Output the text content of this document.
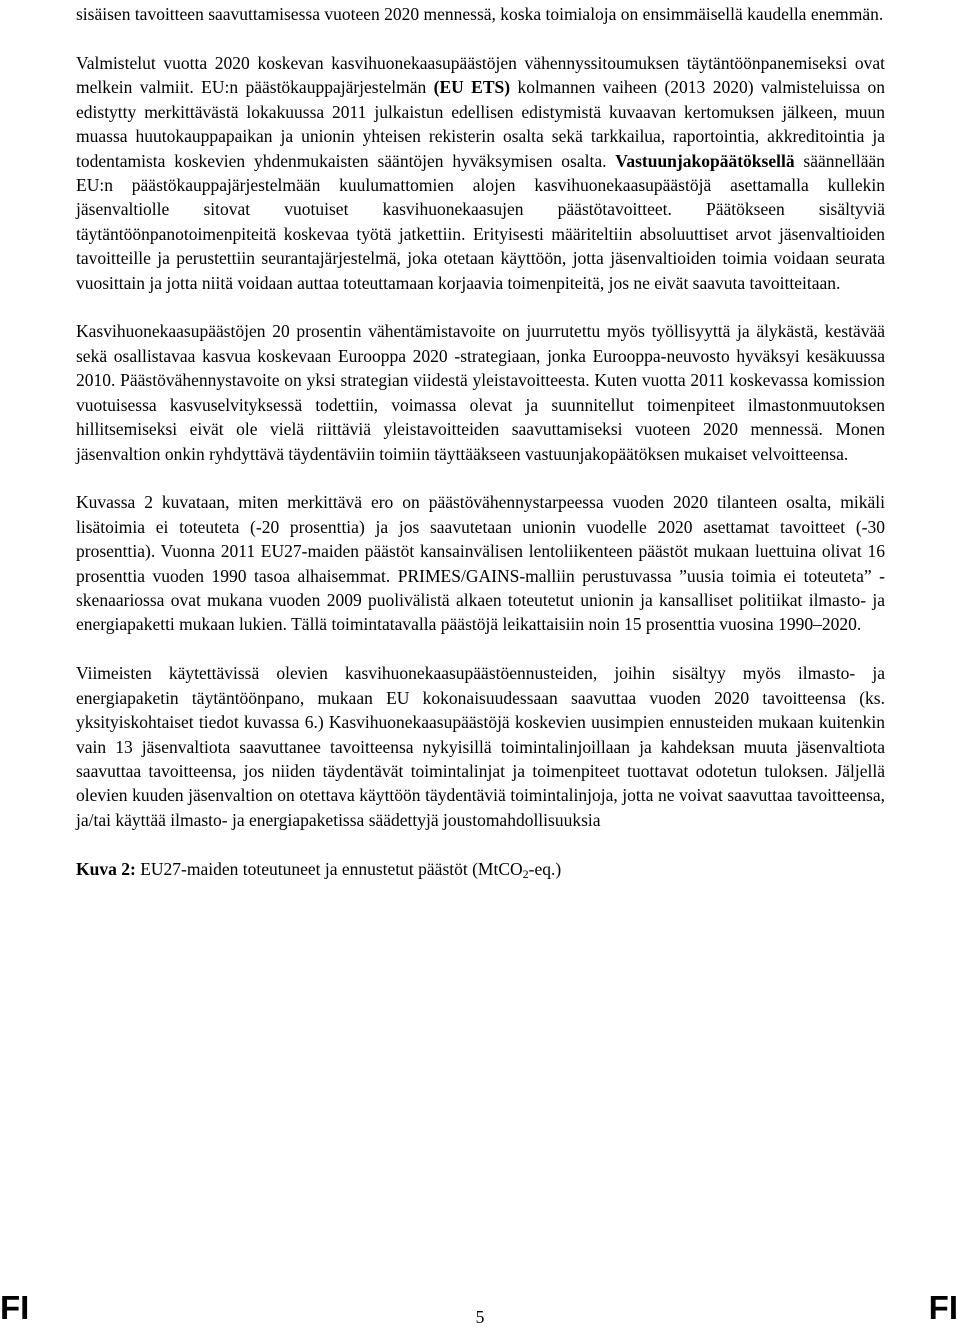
sisäisen tavoitteen saavuttamisessa vuoteen 2020 mennessä, koska toimialoja on ensimmäisellä kaudella enemmän.

Valmistelut vuotta 2020 koskevan kasvihuonekaasupäästöjen vähennyssitoumuksen täytäntöönpanemiseksi ovat melkein valmiit. EU:n päästökauppajärjestelmän (EU ETS) kolmannen vaiheen (2013 2020) valmisteluissa on edistytty merkittävästä lokakuussa 2011 julkaistun edellisen edistymistä kuvaavan kertomuksen jälkeen, muun muassa huutokauppapaikan ja unionin yhteisen rekisterin osalta sekä tarkkailua, raportointia, akkreditointia ja todentamista koskevien yhdenmukaisten sääntöjen hyväksymisen osalta. Vastuunjakopäätöksellä säännellään EU:n päästökauppajärjestelmään kuulumattomien alojen kasvihuonekaasupäästöjä asettamalla kullekin jäsenvaltiolle sitovat vuotuiset kasvihuonekaasujen päästötavoitteet. Päätökseen sisältyviä täytäntöönpanotoimenpiteitä koskevaa työtä jatkettiin. Erityisesti määriteltiin absoluuttiset arvot jäsenvaltioiden tavoitteille ja perustettiin seurantajärjestelmä, joka otetaan käyttöön, jotta jäsenvaltioiden toimia voidaan seurata vuosittain ja jotta niitä voidaan auttaa toteuttamaan korjaavia toimenpiteitä, jos ne eivät saavuta tavoitteitaan.

Kasvihuonekaasupäästöjen 20 prosentin vähentämistavoite on juurrutettu myös työllisyyttä ja älykästä, kestävää sekä osallistavaa kasvua koskevaan Eurooppa 2020 -strategiaan, jonka Eurooppa-neuvosto hyväksyi kesäkuussa 2010. Päästövähennystavoite on yksi strategian viidestä yleistavoitteesta. Kuten vuotta 2011 koskevassa komission vuotuisessa kasvuselvityksessä todettiin, voimassa olevat ja suunnitellut toimenpiteet ilmastonmuutoksen hillitsemiseksi eivät ole vielä riittäviä yleistavoitteiden saavuttamiseksi vuoteen 2020 mennessä. Monen jäsenvaltion onkin ryhdyttävä täydentäviin toimiin täyttääkseen vastuunjakopäätöksen mukaiset velvoitteensa.

Kuvassa 2 kuvataan, miten merkittävä ero on päästövähennystarpeessa vuoden 2020 tilanteen osalta, mikäli lisätoimia ei toteuteta (-20 prosenttia) ja jos saavutetaan unionin vuodelle 2020 asettamat tavoitteet (-30 prosenttia). Vuonna 2011 EU27-maiden päästöt kansainvälisen lentoliikenteen päästöt mukaan luettuina olivat 16 prosenttia vuoden 1990 tasoa alhaisemmat. PRIMES/GAINS-malliin perustuvassa ”uusia toimia ei toteuteta” -skenaariossa ovat mukana vuoden 2009 puolivälistä alkaen toteutetut unionin ja kansalliset politiikat ilmasto- ja energiapaketti mukaan lukien. Tällä toimintatavalla päästöjä leikattaisiin noin 15 prosenttia vuosina 1990–2020.

Viimeisten käytettävissä olevien kasvihuonekaasupäästöennusteiden, joihin sisältyy myös ilmasto- ja energiapaketin täytäntöönpano, mukaan EU kokonaisuudessaan saavuttaa vuoden 2020 tavoitteensa (ks. yksityiskohtaiset tiedot kuvassa 6.) Kasvihuonekaasupäästöjä koskevien uusimpien ennusteiden mukaan kuitenkin vain 13 jäsenvaltiota saavuttanee tavoitteensa nykyisillä toimintalinjoillaan ja kahdeksan muuta jäsenvaltiota saavuttaa tavoitteensa, jos niiden täydentävät toimintalinjat ja toimenpiteet tuottavat odotetun tuloksen. Jäljellä olevien kuuden jäsenvaltion on otettava käyttöön täydentäviä toimintalinjoja, jotta ne voivat saavuttaa tavoitteensa, ja/tai käyttää ilmasto- ja energiapaketissa säädettyjä joustomahdollisuuksia

Kuva 2: EU27-maiden toteutuneet ja ennustetut päästöt (MtCO$_2$-eq.)
FI	5	FI
